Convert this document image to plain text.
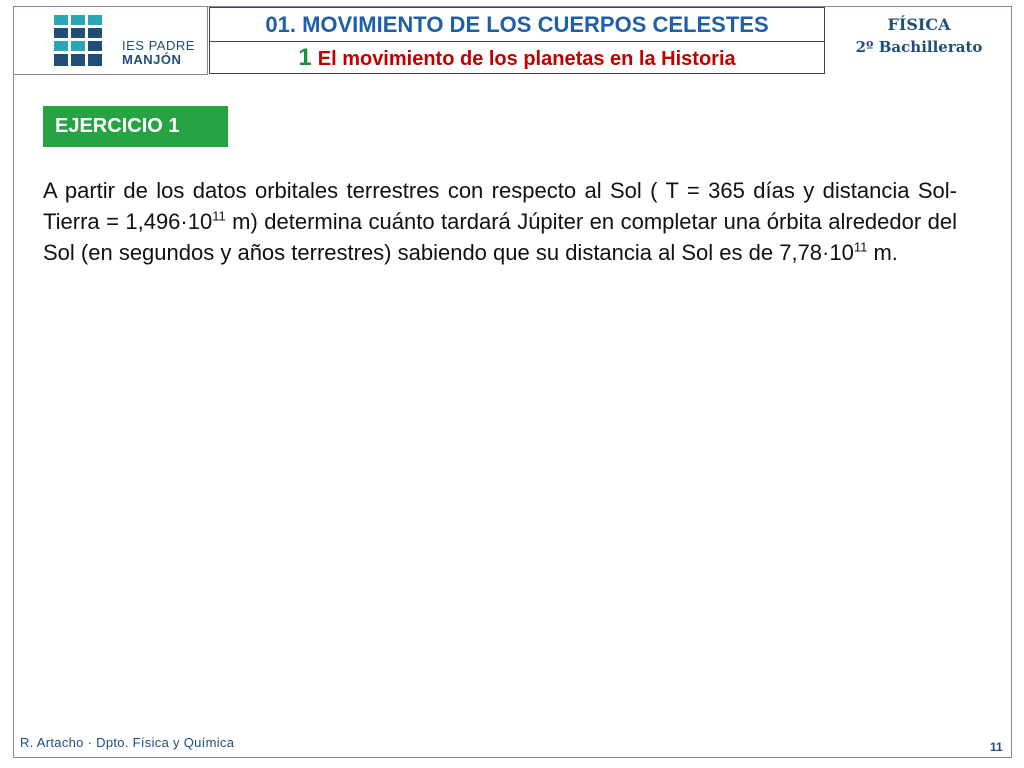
IES PADRE
MANJÓN
01. MOVIMIENTO DE LOS CUERPOS CELESTES
1 El movimiento de los planetas en la Historia
FÍSICA
2º Bachillerato
EJERCICIO 1
A partir de los datos orbitales terrestres con respecto al Sol ( T = 365 días y distancia Sol-Tierra = $1,496\cdot 10^{11}$ m) determina cuánto tardará Júpiter en completar una órbita alrededor del Sol (en segundos y años terrestres) sabiendo que su distancia al Sol es de $7,78\cdot 10^{11}$ m.
R. Artacho · Dpto. Física y Química	11
